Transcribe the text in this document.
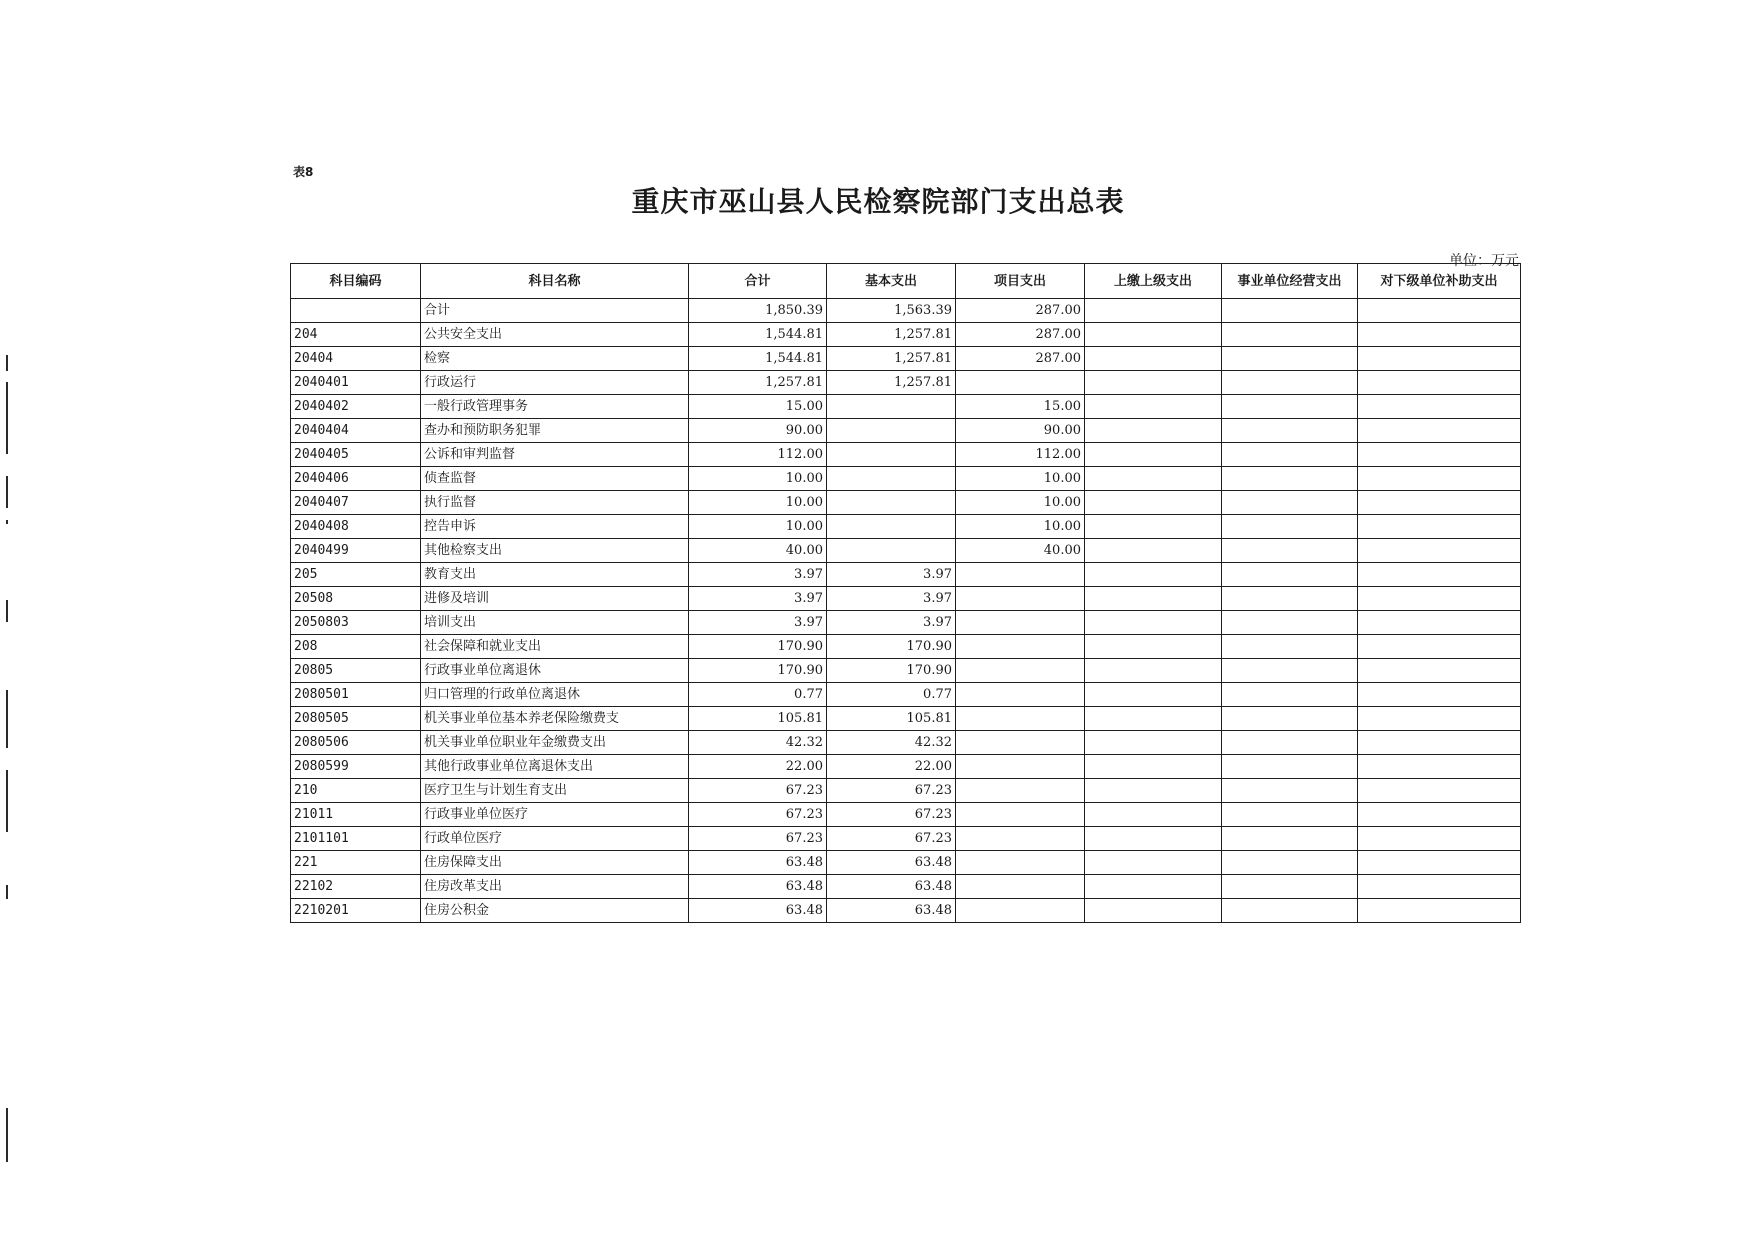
表8
重庆市巫山县人民检察院部门支出总表
单位：万元
科目编码	科目名称	合计	基本支出	项目支出	上缴上级支出	事业单位经营支出	对下级单位补助支出
	合计	1,850.39	1,563.39	287.00			
204	公共安全支出	1,544.81	1,257.81	287.00			
20404	检察	1,544.81	1,257.81	287.00			
2040401	行政运行	1,257.81	1,257.81				
2040402	一般行政管理事务	15.00		15.00			
2040404	查办和预防职务犯罪	90.00		90.00			
2040405	公诉和审判监督	112.00		112.00			
2040406	侦查监督	10.00		10.00			
2040407	执行监督	10.00		10.00			
2040408	控告申诉	10.00		10.00			
2040499	其他检察支出	40.00		40.00			
205	教育支出	3.97	3.97				
20508	进修及培训	3.97	3.97				
2050803	培训支出	3.97	3.97				
208	社会保障和就业支出	170.90	170.90				
20805	行政事业单位离退休	170.90	170.90				
2080501	归口管理的行政单位离退休	0.77	0.77				
2080505	机关事业单位基本养老保险缴费支	105.81	105.81				
2080506	机关事业单位职业年金缴费支出	42.32	42.32				
2080599	其他行政事业单位离退休支出	22.00	22.00				
210	医疗卫生与计划生育支出	67.23	67.23				
21011	行政事业单位医疗	67.23	67.23				
2101101	行政单位医疗	67.23	67.23				
221	住房保障支出	63.48	63.48				
22102	住房改革支出	63.48	63.48				
2210201	住房公积金	63.48	63.48				
